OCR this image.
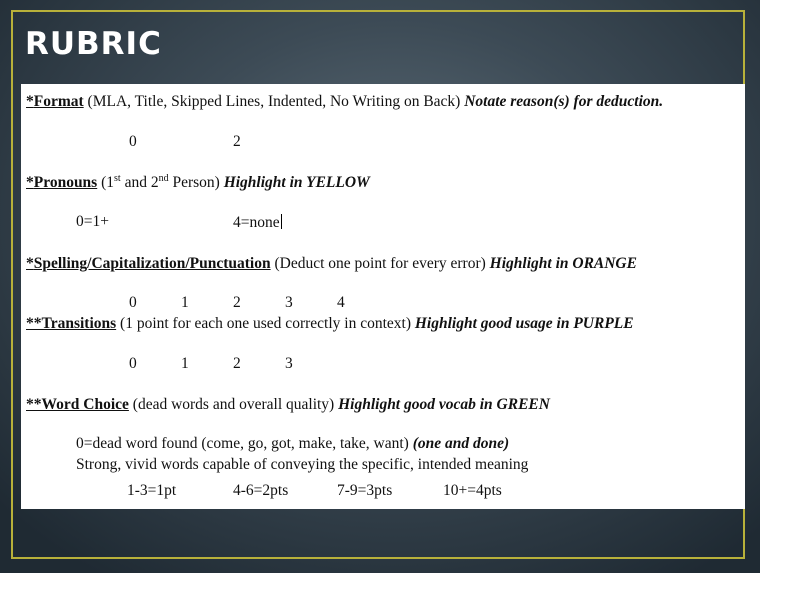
RUBRIC
*Format (MLA, Title, Skipped Lines, Indented, No Writing on Back) Notate reason(s) for deduction.
0	2
*Pronouns (1st and 2nd Person) Highlight in YELLOW
0=1+	4=none
*Spelling/Capitalization/Punctuation (Deduct one point for every error) Highlight in ORANGE
0	1	2	3	4
**Transitions (1 point for each one used correctly in context) Highlight good usage in PURPLE
0	1	2	3
**Word Choice (dead words and overall quality) Highlight good vocab in GREEN
0=dead word found (come, go, got, make, take, want) (one and done)
Strong, vivid words capable of conveying the specific, intended meaning
1-3=1pt	4-6=2pts	7-9=3pts	10+=4pts
